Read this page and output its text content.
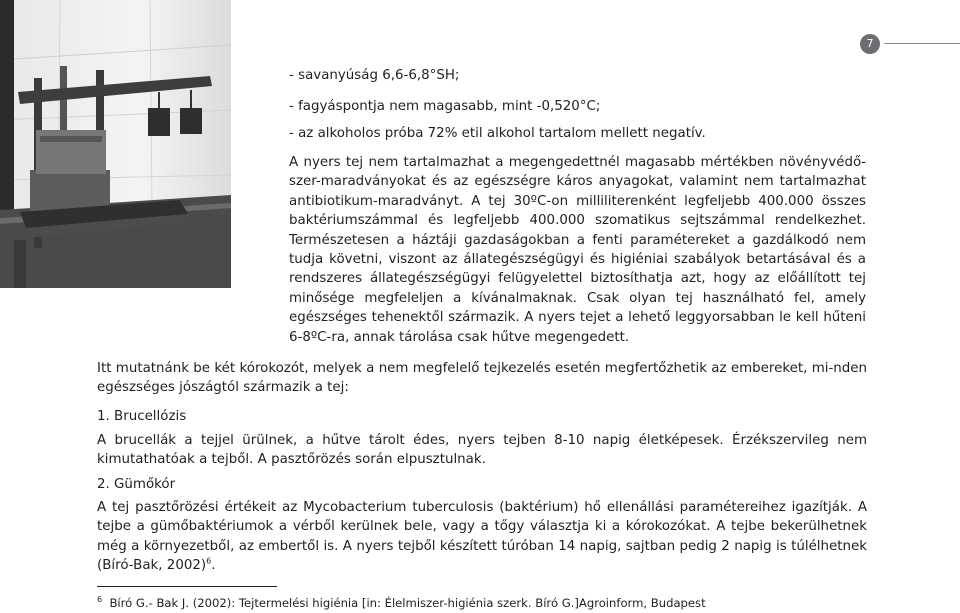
7

- savanyúság 6,6-6,8°SH;

- fagyáspontja nem magasabb, mint -0,520°C;

- az alkoholos próba 72% etil alkohol tartalom mellett negatív.

A nyers tej nem tartalmazhat a megengedettnél magasabb mértékben növényvédő-szer-maradványokat és az egészségre káros anyagokat, valamint nem tartalmazhat antibiotikum-maradványt. A tej 30ºC-on milliliterenként legfeljebb 400.000 összes baktériumszámmal és legfeljebb 400.000 szomatikus sejtszámmal rendelkezhet. Természetesen a háztáji gazdaságokban a fenti paramétereket a gazdálkodó nem tudja követni, viszont az állategészségügyi és higiéniai szabályok betartásával és a rendszeres állategészségügyi felügyelettel biztosíthatja azt, hogy az előállított tej minősége megfeleljen a kívánalmaknak. Csak olyan tej használható fel, amely egészséges tehenektől származik. A nyers tejet a lehető leggyorsabban le kell hűteni 6-8ºC-ra, annak tárolása csak hűtve megengedett.

Itt mutatnánk be két kórokozót, melyek a nem megfelelő tejkezelés esetén megfertőzhetik az embereket, mi-nden egészséges jószágtól származik a tej:

1. Brucellózis

A brucellák a tejjel ürülnek, a hűtve tárolt édes, nyers tejben 8-10 napig életképesek. Érzékszervileg nem kimutathatóak a tejből. A pasztőrözés során elpusztulnak.

2. Gümőkór

A tej pasztőrözési értékeit az Mycobacterium tuberculosis (baktérium) hő ellenállási paramétereihez igazítják. A tejbe a gümőbaktériumok a vérből kerülnek bele, vagy a tőgy választja ki a kórokozókat. A tejbe bekerülhetnek még a környezetből, az embertől is. A nyers tejből készített túróban 14 napig, sajtban pedig 2 napig is túlélhetnek (Bíró-Bak, 2002)$^6$.

$^6$ Bíró G.- Bak J. (2002): Tejtermelési higiénia [in: Élelmiszer-higiénia szerk. Bíró G.]Agroinform, Budapest
